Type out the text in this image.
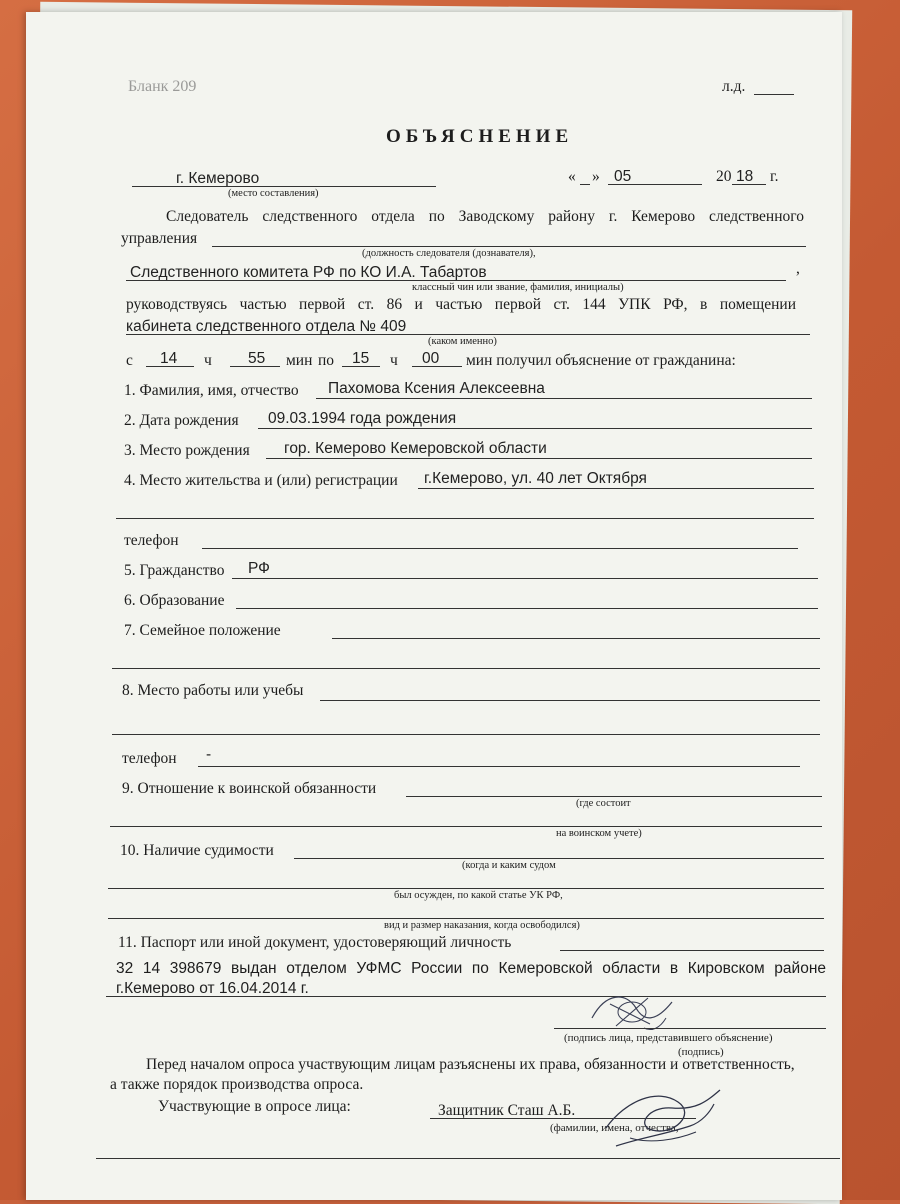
Бланк 209	л.д.
ОБЪЯСНЕНИЕ
г. Кемерово
(место составления)
« » 05	20 18 г.
Следователь следственного отдела по Заводскому району г. Кемерово следственного
управления
(должность следователя (дознавателя),
Следственного комитета РФ по КО И.А. Табартов	,
классный чин или звание, фамилия, инициалы)
руководствуясь частью первой ст. 86 и частью первой ст. 144 УПК РФ, в помещении
кабинета следственного отдела № 409
(каком именно)
с 14 ч 55 мин по 15 ч 00 мин получил объяснение от гражданина:
1. Фамилия, имя, отчество Пахомова Ксения Алексеевна
2. Дата рождения 09.03.1994 года рождения
3. Место рождения гор. Кемерово Кемеровской области
4. Место жительства и (или) регистрации г.Кемерово, ул. 40 лет Октября
телефон
5. Гражданство РФ
6. Образование
7. Семейное положение
8. Место работы или учебы
телефон -
9. Отношение к воинской обязанности
(где состоит
на воинском учете)
10. Наличие судимости
(когда и каким судом
был осужден, по какой статье УК РФ,
вид и размер наказания, когда освободился)
11. Паспорт или иной документ, удостоверяющий личность
32 14 398679 выдан отделом УФМС России по Кемеровской области в Кировском районе
г.Кемерово от 16.04.2014 г.
(подпись лица, представившего объяснение)
(подпись)
Перед началом опроса участвующим лицам разъяснены их права, обязанности и ответственность,
а также порядок производства опроса.
Участвующие в опросе лица:	Защитник Сташ А.Б.
(фамилии, имена, отчества,
